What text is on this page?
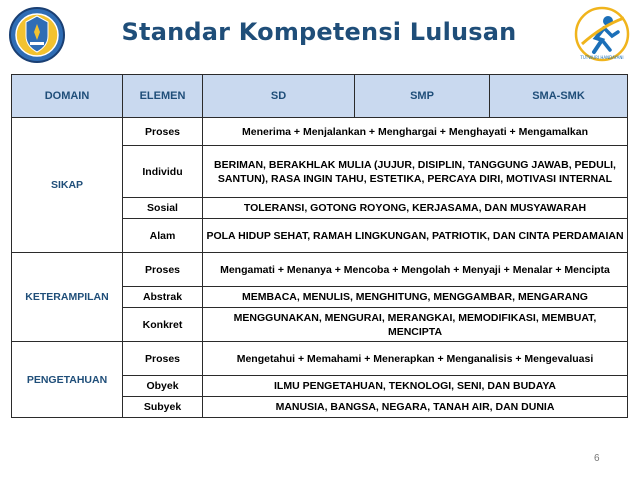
Standar Kompetensi Lulusan
TUTWURI HANDAYANI
DOMAIN	ELEMEN	SD	SMP	SMA-SMK
SIKAP	Proses	Menerima + Menjalankan + Menghargai + Menghayati + Mengamalkan		
	Individu	BERIMAN, BERAKHLAK MULIA (JUJUR, DISIPLIN, TANGGUNG JAWAB, PEDULI, SANTUN), RASA INGIN TAHU, ESTETIKA, PERCAYA DIRI, MOTIVASI INTERNAL		
	Sosial	TOLERANSI, GOTONG ROYONG, KERJASAMA, DAN MUSYAWARAH		
	Alam	POLA HIDUP SEHAT, RAMAH LINGKUNGAN, PATRIOTIK, DAN CINTA PERDAMAIAN		
KETERAMPILAN	Proses	Mengamati + Menanya + Mencoba + Mengolah + Menyaji + Menalar + Mencipta		
	Abstrak	MEMBACA, MENULIS, MENGHITUNG, MENGGAMBAR, MENGARANG		
	Konkret	MENGGUNAKAN, MENGURAI, MERANGKAI, MEMODIFIKASI, MEMBUAT, MENCIPTA		
PENGETAHUAN	Proses	Mengetahui + Memahami + Menerapkan + Menganalisis + Mengevaluasi		
	Obyek	ILMU PENGETAHUAN, TEKNOLOGI, SENI, DAN BUDAYA		
	Subyek	MANUSIA, BANGSA, NEGARA, TANAH AIR, DAN DUNIA		
6
